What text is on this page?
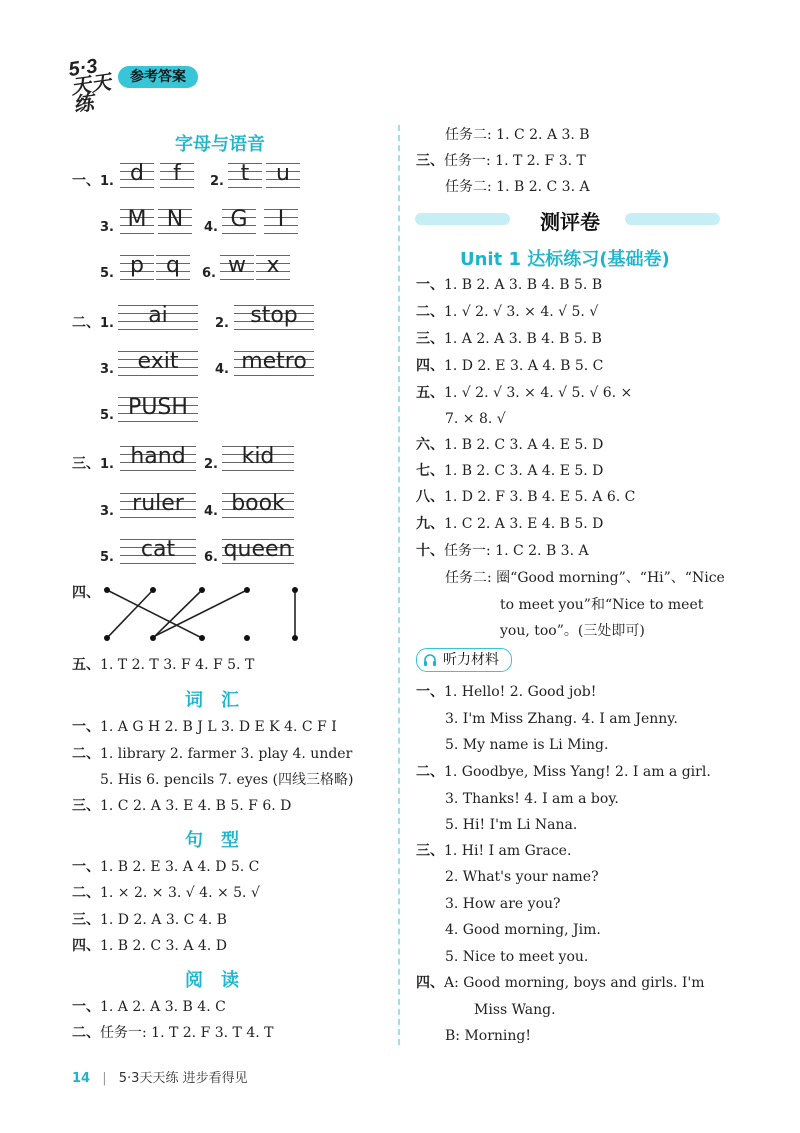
5·3 天天练
参考答案
字母与语音
一、 1. d	f	2. t	u
3. M N	4. G	I
5. p	q	6. w x
二、 1.	ai	2. stop
3.	exit	4. metro
5. PUSH
三、 1. hand	2.	kid
3. ruler	4. book
5.	cat	6. queen
四、
五、1. T 2. T 3. F 4. F 5. T
词　汇
一、1. A G H 2. B J L 3. D E K 4. C F I
二、1. library 2. farmer 3. play 4. under
5. His 6. pencils 7. eyes (四线三格略)
三、1. C 2. A 3. E 4. B 5. F 6. D
句　型
一、1. B 2. E 3. A 4. D 5. C
二、1. × 2. × 3. √ 4. × 5. √
三、1. D 2. A 3. C 4. B
四、1. B 2. C 3. A 4. D
阅　读
一、1. A 2. A 3. B 4. C
二、任务一: 1. T 2. F 3. T 4. T
任务二: 1. C 2. A 3. B
三、任务一: 1. T 2. F 3. T
任务二: 1. B 2. C 3. A
测评卷
Unit 1 达标练习(基础卷)
一、1. B 2. A 3. B 4. B 5. B
二、1. √ 2. √ 3. × 4. √ 5. √
三、1. A 2. A 3. B 4. B 5. B
四、1. D 2. E 3. A 4. B 5. C
五、1. √ 2. √ 3. × 4. √ 5. √ 6. ×
7. × 8. √
六、1. B 2. C 3. A 4. E 5. D
七、1. B 2. C 3. A 4. E 5. D
八、1. D 2. F 3. B 4. E 5. A 6. C
九、1. C 2. A 3. E 4. B 5. D
十、任务一: 1. C 2. B 3. A
任务二: 圈“Good morning”、“Hi”、“Nice
to meet you”和“Nice to meet
you, too”。(三处即可)
听力材料
一、1. Hello! 2. Good job!
3. I'm Miss Zhang. 4. I am Jenny.
5. My name is Li Ming.
二、1. Goodbye, Miss Yang! 2. I am a girl.
3. Thanks! 4. I am a boy.
5. Hi! I'm Li Nana.
三、1. Hi! I am Grace.
2. What's your name?
3. How are you?
4. Good morning, Jim.
5. Nice to meet you.
四、A: Good morning, boys and girls. I'm
Miss Wang.
B: Morning!
14 | 5·3天天练 进步看得见
